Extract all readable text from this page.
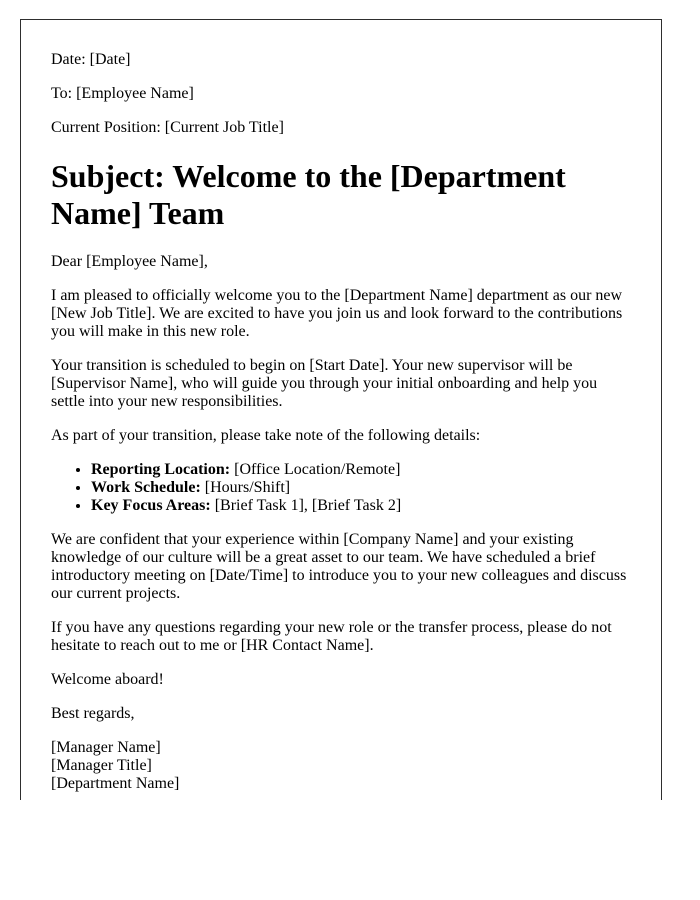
Date: [Date]

To: [Employee Name]

Current Position: [Current Job Title]

Subject: Welcome to the [Department Name] Team

Dear [Employee Name],

I am pleased to officially welcome you to the [Department Name] department as our new [New Job Title]. We are excited to have you join us and look forward to the contributions you will make in this new role.

Your transition is scheduled to begin on [Start Date]. Your new supervisor will be [Supervisor Name], who will guide you through your initial onboarding and help you settle into your new responsibilities.

As part of your transition, please take note of the following details:

• Reporting Location: [Office Location/Remote]
• Work Schedule: [Hours/Shift]
• Key Focus Areas: [Brief Task 1], [Brief Task 2]

We are confident that your experience within [Company Name] and your existing knowledge of our culture will be a great asset to our team. We have scheduled a brief introductory meeting on [Date/Time] to introduce you to your new colleagues and discuss our current projects.

If you have any questions regarding your new role or the transfer process, please do not hesitate to reach out to me or [HR Contact Name].

Welcome aboard!

Best regards,

[Manager Name]
[Manager Title]
[Department Name]
